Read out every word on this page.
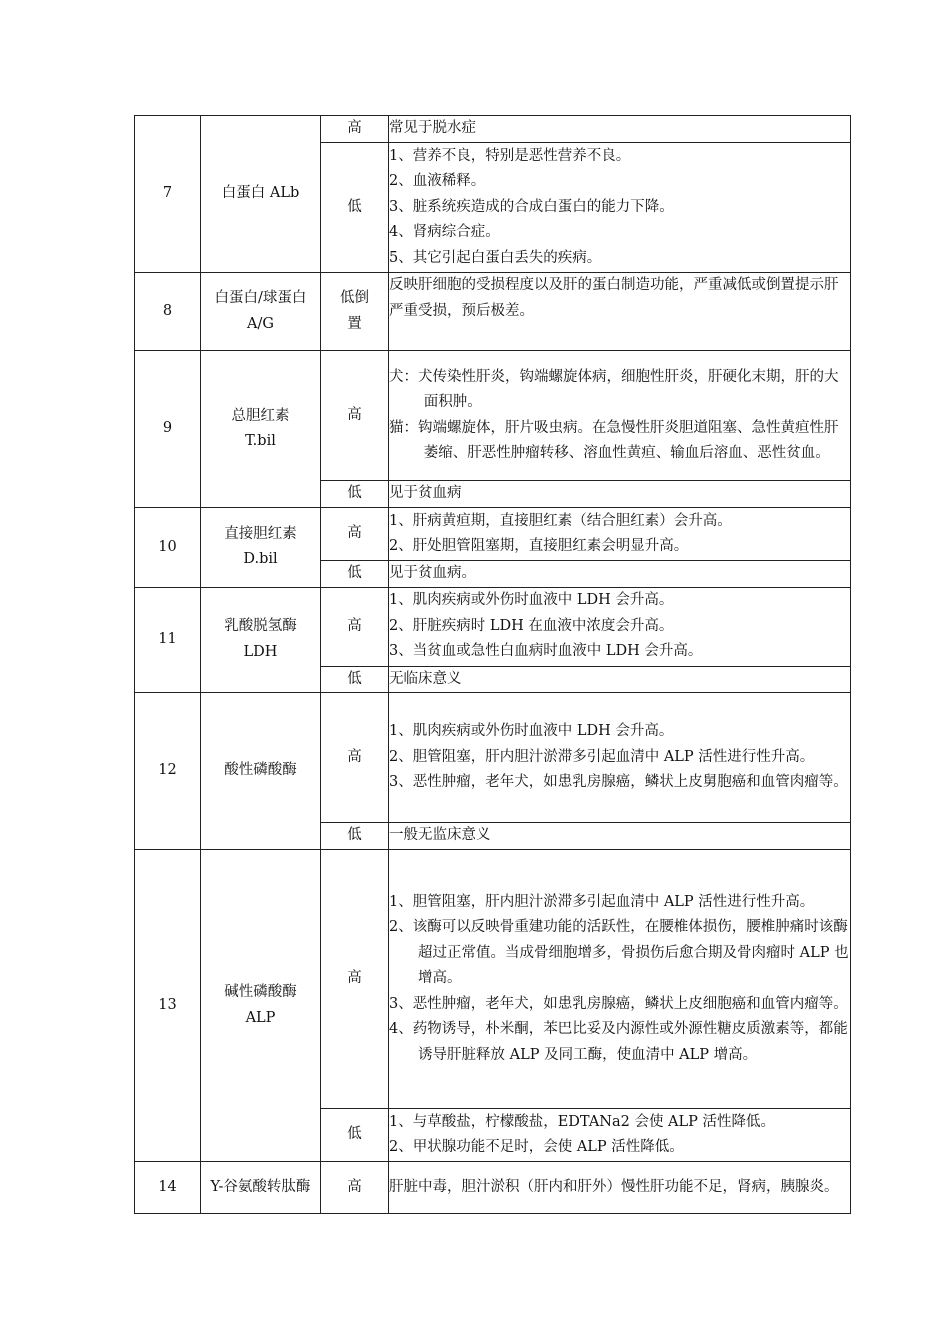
7	白蛋白 ALb	高	常见于脱水症

		低	1、营养不良，特别是恶性营养不良。
2、血液稀释。
3、脏系统疾造成的合成白蛋白的能力下降。
4、肾病综合症。
5、其它引起白蛋白丢失的疾病。

8	白蛋白/球蛋白 A/G	低倒置	反映肝细胞的受损程度以及肝的蛋白制造功能，严重减低或倒置提示肝严重受损，预后极差。

9	总胆红素 T.bil	高	犬：犬传染性肝炎，钩端螺旋体病，细胞性肝炎，肝硬化末期，肝的大面积肿。
猫：钩端螺旋体，肝片吸虫病。在急慢性肝炎胆道阻塞、急性黄疸性肝萎缩、肝恶性肿瘤转移、溶血性黄疸、输血后溶血、恶性贫血。

		低	见于贫血病

10	直接胆红素 D.bil	高	1、肝病黄疸期，直接胆红素（结合胆红素）会升高。
2、肝处胆管阻塞期，直接胆红素会明显升高。

		低	见于贫血病。

11	乳酸脱氢酶 LDH	高	1、肌肉疾病或外伤时血液中 LDH 会升高。
2、肝脏疾病时 LDH 在血液中浓度会升高。
3、当贫血或急性白血病时血液中 LDH 会升高。

		低	无临床意义

12	酸性磷酸酶	高	1、肌肉疾病或外伤时血液中 LDH 会升高。
2、胆管阻塞，肝内胆汁淤滞多引起血清中 ALP 活性进行性升高。
3、恶性肿瘤，老年犬，如患乳房腺癌，鳞状上皮舅胞癌和血管肉瘤等。

		低	一般无监床意义

13	碱性磷酸酶 ALP	高	1、胆管阻塞，肝内胆汁淤滞多引起血清中 ALP 活性进行性升高。
2、该酶可以反映骨重建功能的活跃性，在腰椎体损伤，腰椎肿痛时该酶超过正常值。当成骨细胞增多，骨损伤后愈合期及骨肉瘤时 ALP 也增高。
3、恶性肿瘤，老年犬，如患乳房腺癌，鳞状上皮细胞癌和血管内瘤等。
4、药物诱导，朴米酮，苯巴比妥及内源性或外源性糖皮质激素等，都能诱导肝脏释放 ALP 及同工酶，使血清中 ALP 增高。

		低	1、与草酸盐，柠檬酸盐，EDTANa2 会使 ALP 活性降低。
2、甲状腺功能不足时，会使 ALP 活性降低。

14	Y-谷氨酸转肽酶	高	肝脏中毒，胆汁淤积（肝内和肝外）慢性肝功能不足，肾病，胰腺炎。
